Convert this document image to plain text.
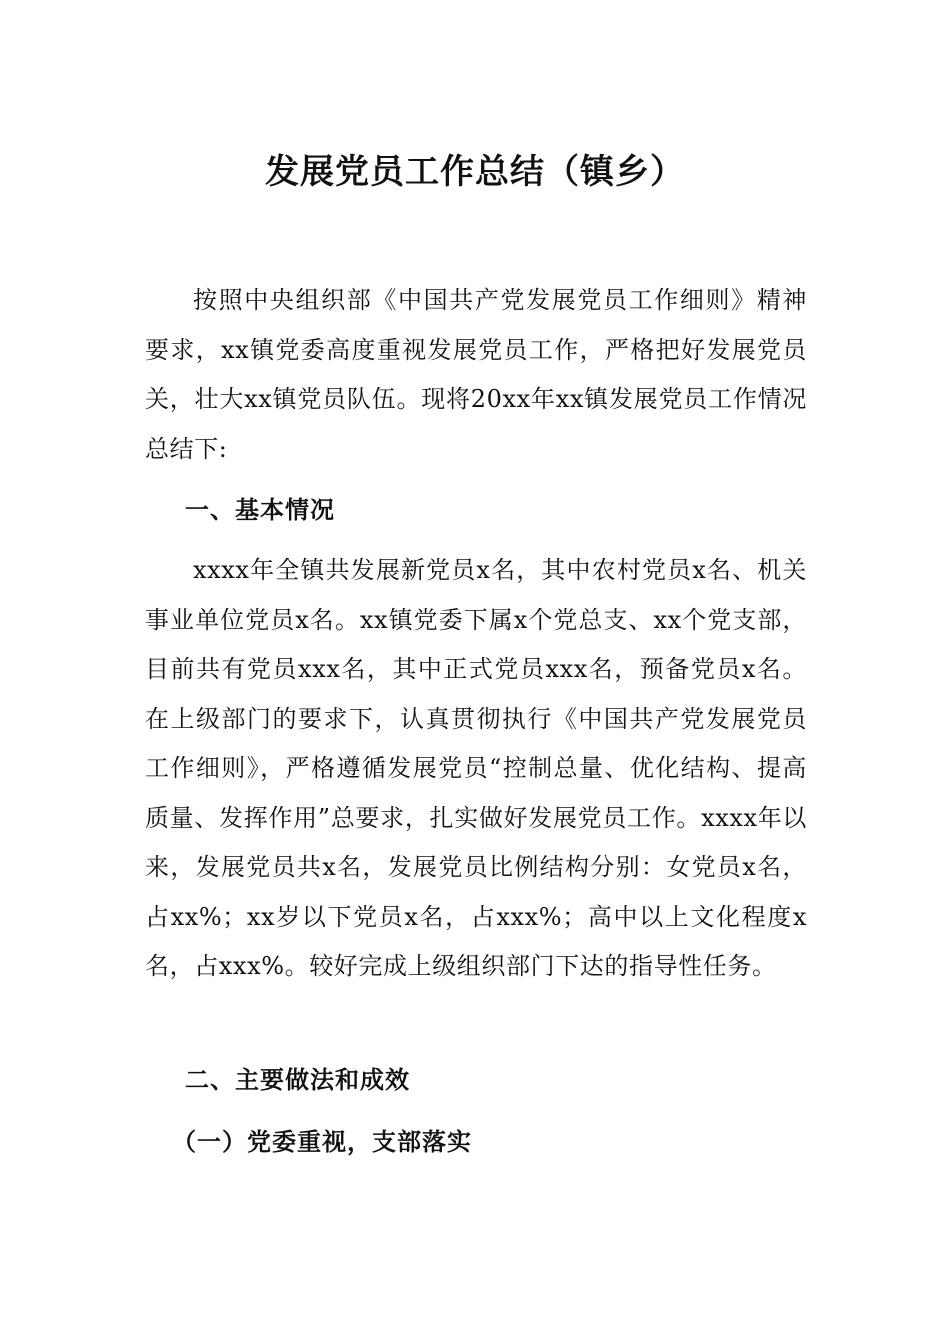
发展党员工作总结（镇乡）

按照中央组织部《中国共产党发展党员工作细则》精神要求，xx镇党委高度重视发展党员工作，严格把好发展党员关，壮大xx镇党员队伍。现将20xx年xx镇发展党员工作情况总结下:

一、基本情况

xxxx年全镇共发展新党员x名，其中农村党员x名、机关事业单位党员x名。xx镇党委下属x个党总支、xx个党支部，目前共有党员xxx名，其中正式党员xxx名，预备党员x名。在上级部门的要求下，认真贯彻执行《中国共产党发展党员工作细则》，严格遵循发展党员“控制总量、优化结构、提高质量、发挥作用”总要求，扎实做好发展党员工作。xxxx年以来，发展党员共x名，发展党员比例结构分别：女党员x名，占xx%；xx岁以下党员x名，占xxx%；高中以上文化程度x名，占xxx%。较好完成上级组织部门下达的指导性任务。

二、主要做法和成效
（一）党委重视，支部落实
